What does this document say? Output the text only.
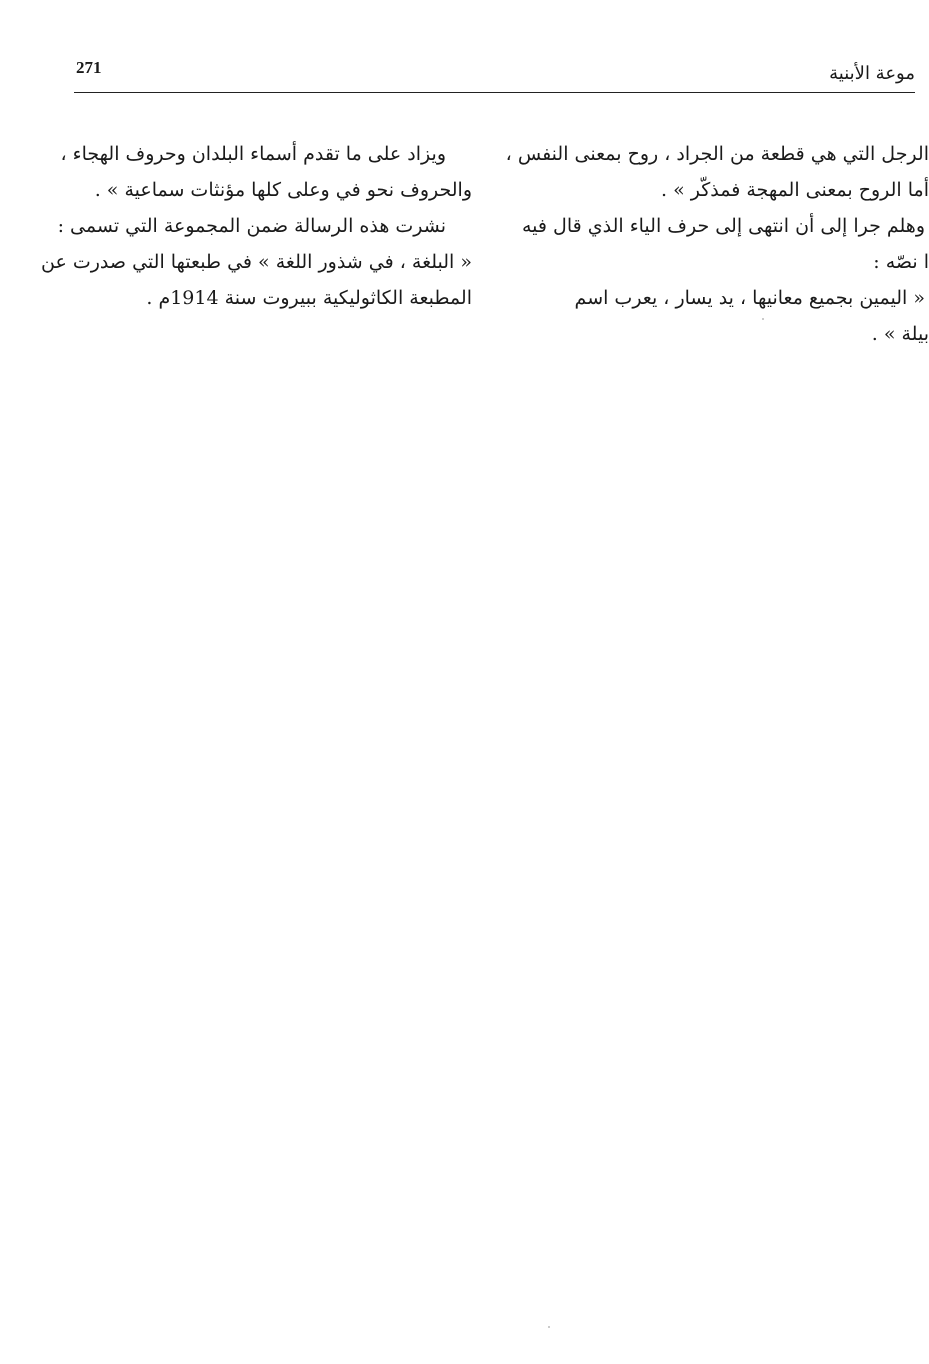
271	موعة الأبنية
الرجل التي هي قطعة من الجراد ، روح بمعنى النفس ،
أما الروح بمعنى المهجة فمذكّر » .
وهلم جرا إلى أن انتهى إلى حرف الياء الذي قال فيه
ا نصّه :
« اليمين بجميع معانيها ، يد يسار ، يعرب اسم
بيلة » .
ويزاد على ما تقدم أسماء البلدان وحروف الهجاء ،
والحروف نحو في وعلى كلها مؤنثات سماعية » .
نشرت هذه الرسالة ضمن المجموعة التي تسمى :
« البلغة ، في شذور اللغة » في طبعتها التي صدرت عن
المطبعة الكاثوليكية ببيروت سنة 1914م .
